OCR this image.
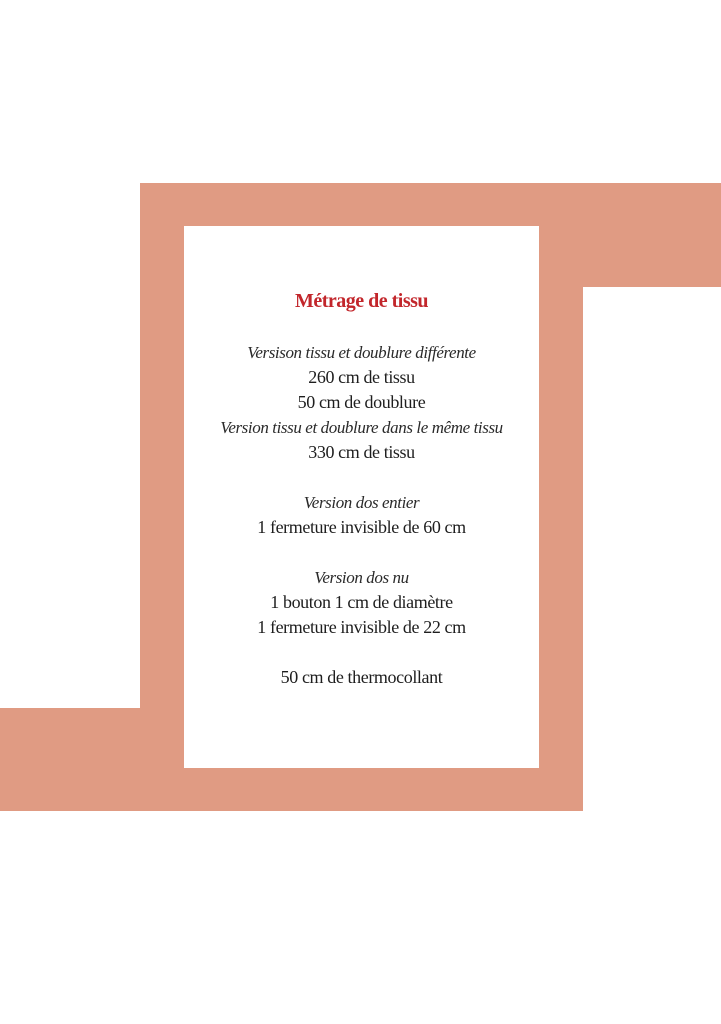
Métrage de tissu
Versison tissu et doublure différente
260 cm de tissu
50 cm de doublure
Version tissu et doublure dans le même tissu
330 cm de tissu
Version dos entier
1 fermeture invisible de 60 cm
Version dos nu
1 bouton 1 cm de diamètre
1 fermeture invisible de 22 cm
50 cm de thermocollant
